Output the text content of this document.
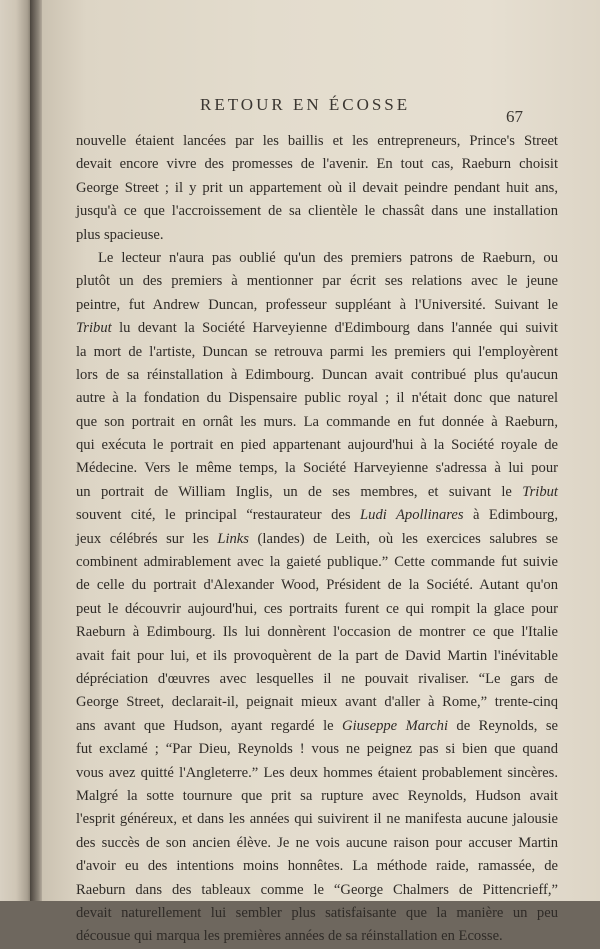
RETOUR EN ÉCOSSE
67
nouvelle étaient lancées par les baillis et les entrepreneurs, Prince's Street
devait encore vivre des promesses de l'avenir. En tout cas, Raeburn choisit
George Street ; il y prit un appartement où il devait peindre pendant huit ans,
jusqu'à ce que l'accroissement de sa clientèle le chassât dans une installation
plus spacieuse.
Le lecteur n'aura pas oublié qu'un des premiers patrons de Raeburn, ou
plutôt un des premiers à mentionner par écrit ses relations avec le jeune
peintre, fut Andrew Duncan, professeur suppléant à l'Université. Suivant le
Tribut lu devant la Société Harveyienne d'Edimbourg dans l'année qui suivit
la mort de l'artiste, Duncan se retrouva parmi les premiers qui l'employèrent
lors de sa réinstallation à Edimbourg. Duncan avait contribué plus qu'aucun
autre à la fondation du Dispensaire public royal ; il n'était donc que naturel
que son portrait en ornât les murs. La commande en fut donnée à Raeburn,
qui exécuta le portrait en pied appartenant aujourd'hui à la Société royale de
Médecine. Vers le même temps, la Société Harveyienne s'adressa à lui pour
un portrait de William Inglis, un de ses membres, et suivant le Tribut
souvent cité, le principal “restaurateur des Ludi Apollinares à Edimbourg,
jeux célébrés sur les Links (landes) de Leith, où les exercices salubres se
combinent admirablement avec la gaieté publique.” Cette commande fut suivie
de celle du portrait d'Alexander Wood, Président de la Société. Autant qu'on
peut le découvrir aujourd'hui, ces portraits furent ce qui rompit la glace pour
Raeburn à Edimbourg. Ils lui donnèrent l'occasion de montrer ce que l'Italie
avait fait pour lui, et ils provoquèrent de la part de David Martin l'inévitable
dépréciation d'œuvres avec lesquelles il ne pouvait rivaliser. “Le gars de
George Street, declarait-il, peignait mieux avant d'aller à Rome,” trente-cinq
ans avant que Hudson, ayant regardé le Giuseppe Marchi de Reynolds, se
fut exclamé ; “Par Dieu, Reynolds ! vous ne peignez pas si bien que quand
vous avez quitté l'Angleterre.” Les deux hommes étaient probablement sincères.
Malgré la sotte tournure que prit sa rupture avec Reynolds, Hudson avait
l'esprit généreux, et dans les années qui suivirent il ne manifesta aucune jalousie
des succès de son ancien élève. Je ne vois aucune raison pour accuser Martin
d'avoir eu des intentions moins honnêtes. La méthode raide, ramassée, de
Raeburn dans des tableaux comme le “George Chalmers de Pittencrieff,”
devait naturellement lui sembler plus satisfaisante que la manière un peu
décousue qui marqua les premières années de sa réinstallation en Ecosse.
